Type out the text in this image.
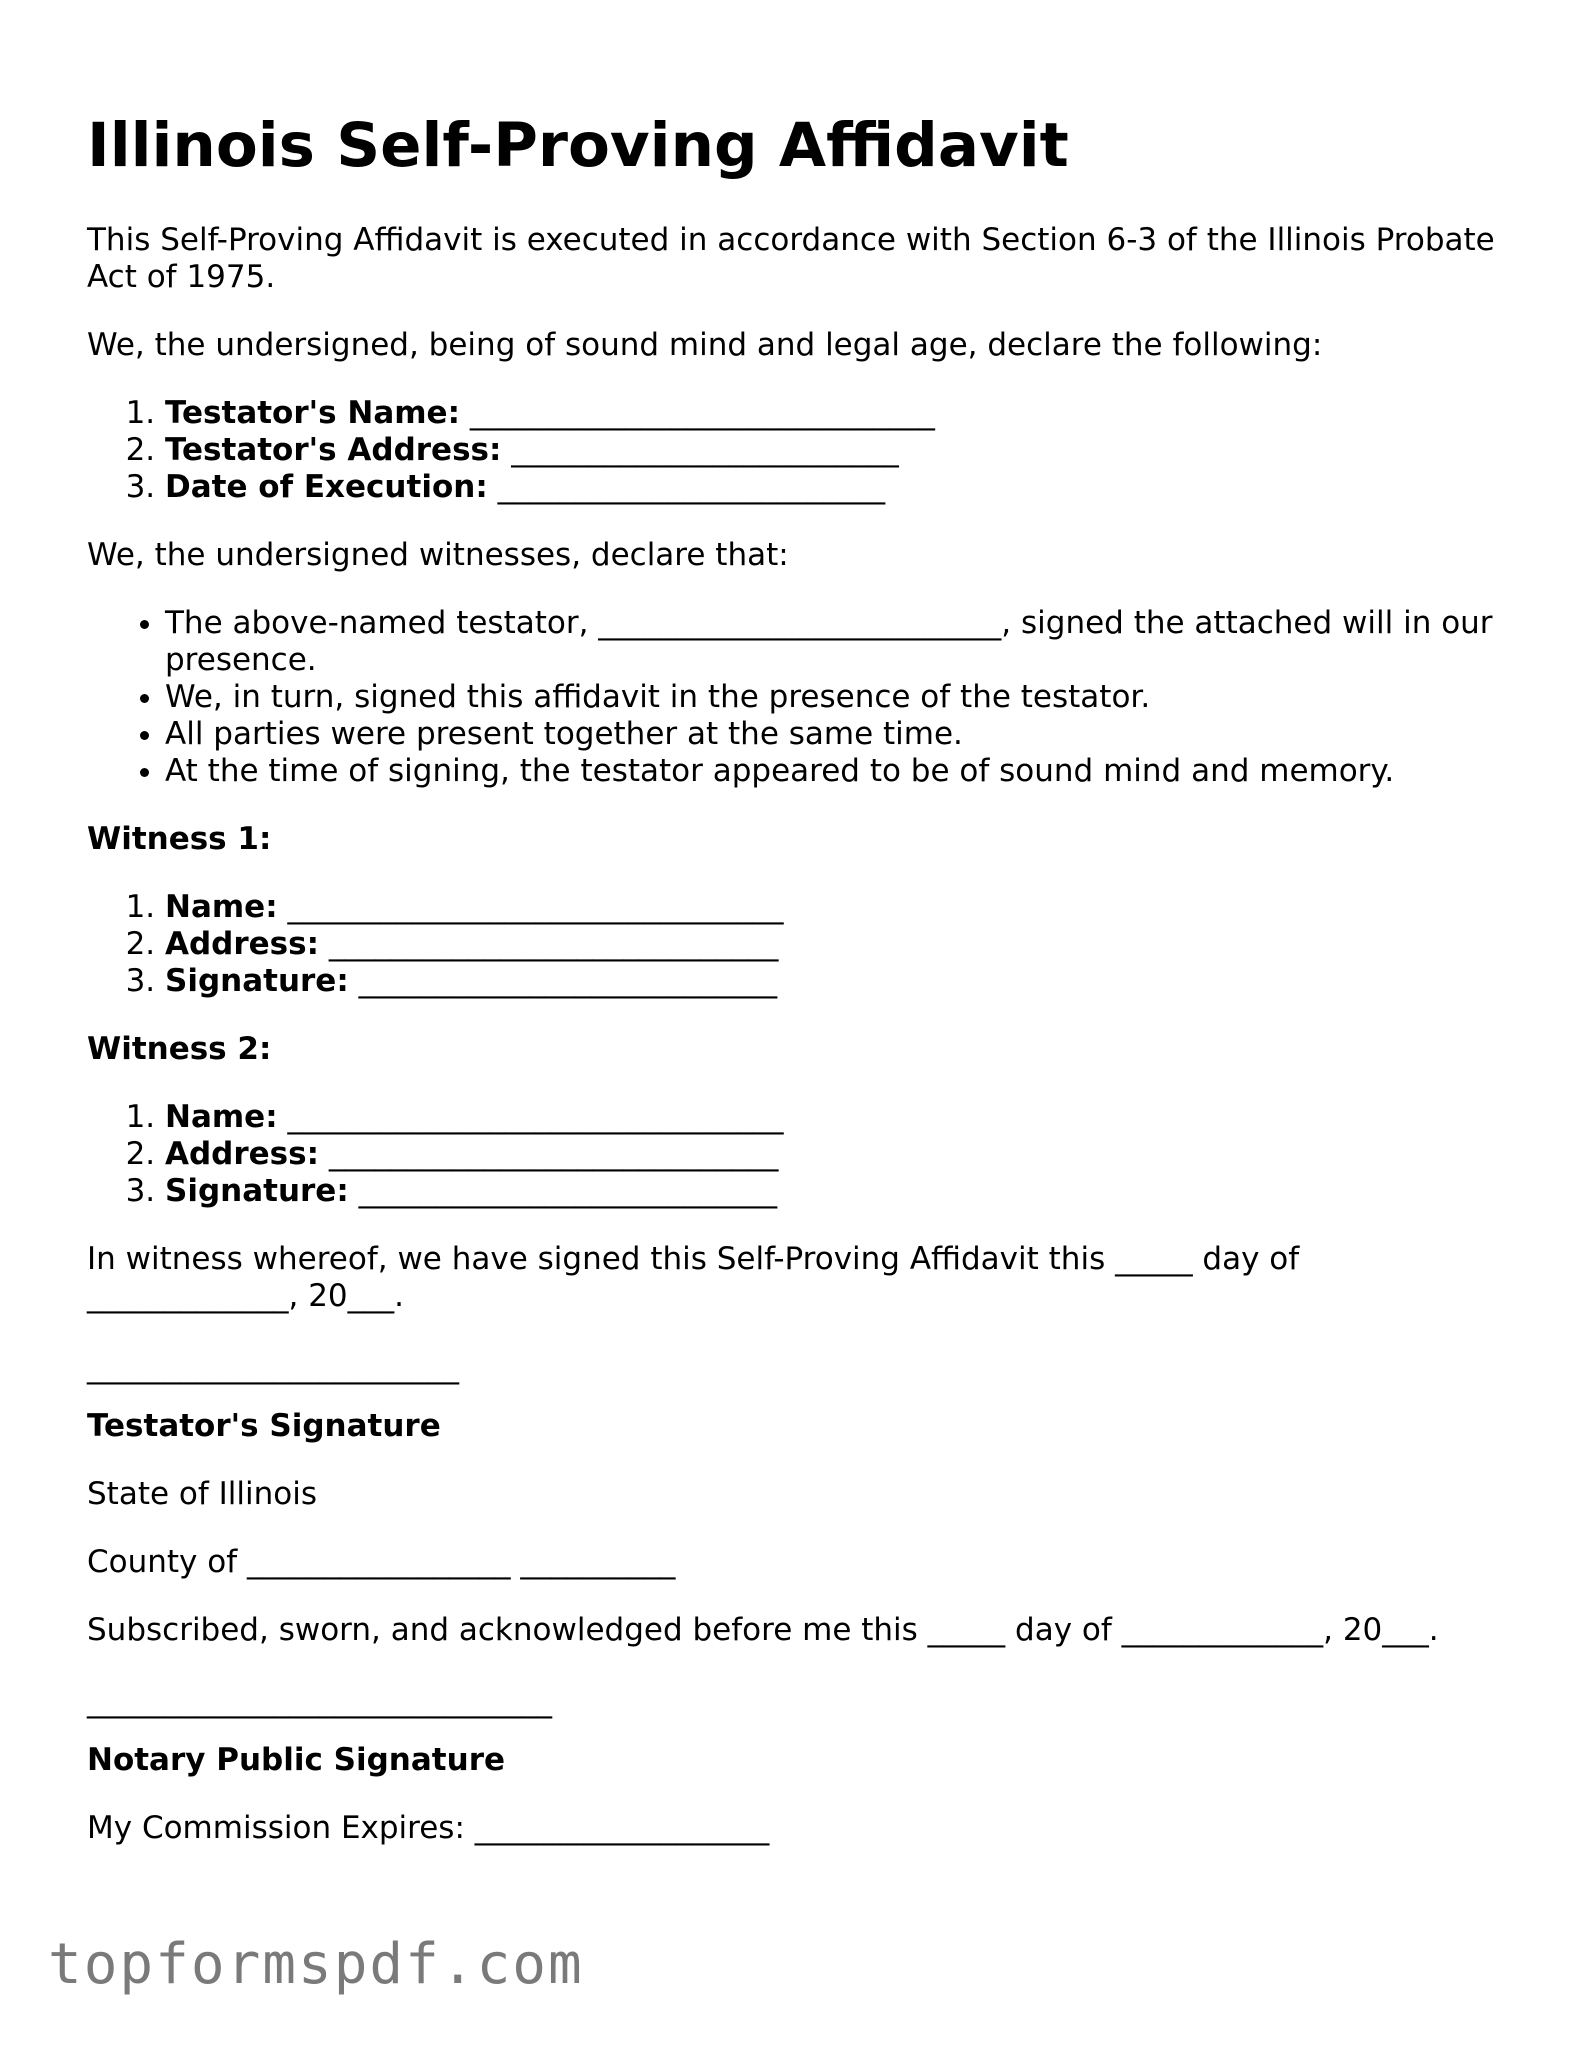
Illinois Self-Proving Affidavit

This Self-Proving Affidavit is executed in accordance with Section 6-3 of the Illinois Probate Act of 1975.

We, the undersigned, being of sound mind and legal age, declare the following:

1. Testator's Name: ______________________________
2. Testator's Address: _________________________
3. Date of Execution: _________________________

We, the undersigned witnesses, declare that:

• The above-named testator, __________________________, signed the attached will in our presence.
• We, in turn, signed this affidavit in the presence of the testator.
• All parties were present together at the same time.
• At the time of signing, the testator appeared to be of sound mind and memory.

Witness 1:

1. Name: ________________________________
2. Address: _____________________________
3. Signature: ___________________________

Witness 2:

1. Name: ________________________________
2. Address: _____________________________
3. Signature: ___________________________

In witness whereof, we have signed this Self-Proving Affidavit this _____ day of _____________, 20___.

________________________

Testator's Signature

State of Illinois

County of _________________ __________

Subscribed, sworn, and acknowledged before me this _____ day of _____________, 20___.

______________________________

Notary Public Signature

My Commission Expires: ___________________

topformspdf.com
